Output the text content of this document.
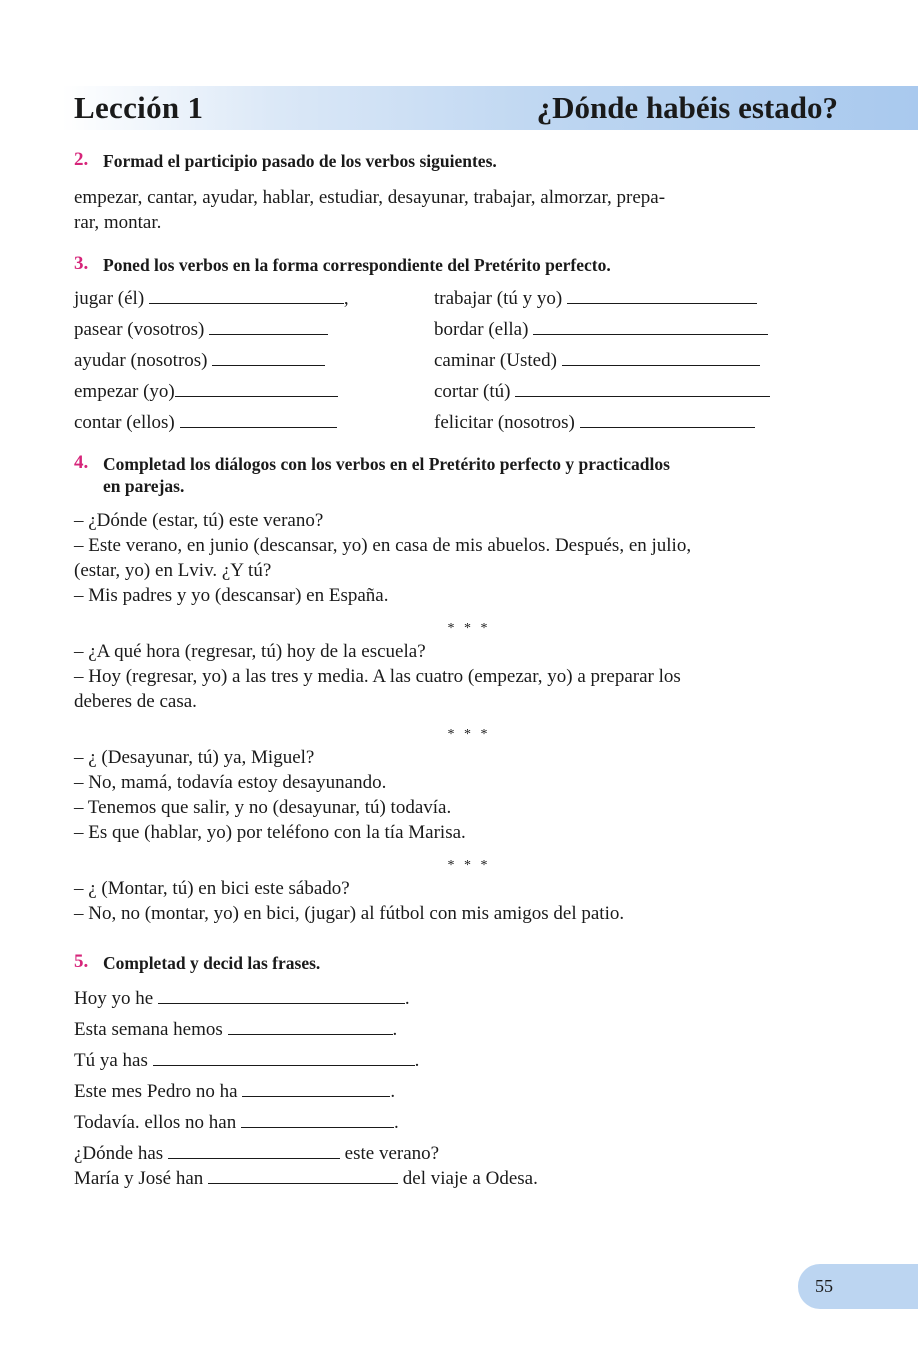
Lección 1	¿Dónde habéis estado?
2. Formad el participio pasado de los verbos siguientes.

empezar, cantar, ayudar, hablar, estudiar, desayunar, trabajar, almorzar, prepa-

rar, montar.

3. Poned los verbos en la forma correspondiente del Pretérito perfecto.
jugar (él)	,	trabajar (tú y yo)
pasear (vosotros)	bordar (ella)
ayudar (nosotros)	caminar (Usted)
empezar (yo)	cortar (tú)
contar (ellos)	felicitar (nosotros)
4. Completad los diálogos con los verbos en el Pretérito perfecto y practicadlos
en parejas.

– ¿Dónde (estar, tú) este verano?

– Este verano, en junio (descansar, yo) en casa de mis abuelos. Después, en julio,

(estar, yo) en Lviv. ¿Y tú?

– Mis padres y yo (descansar) en España.

* * *

– ¿A qué hora (regresar, tú) hoy de la escuela?

– Hoy (regresar, yo) a las tres y media. A las cuatro (empezar, yo) a preparar los

deberes de casa.

* * *

– ¿ (Desayunar, tú) ya, Miguel?

– No, mamá, todavía estoy desayunando.

– Tenemos que salir, y no (desayunar, tú) todavía.

– Es que (hablar, yo) por teléfono con la tía Marisa.

* * *

– ¿ (Montar, tú) en bici este sábado?

– No, no (montar, yo) en bici, (jugar) al fútbol con mis amigos del patio.

5. Completad y decid las frases.

Hoy yo he	.

Esta semana hemos	.

Tú ya has	.

Este mes Pedro no ha	.

Todavía. ellos no han	.

¿Dónde has	este verano?

María y José han	del viaje a Odesa.

55
